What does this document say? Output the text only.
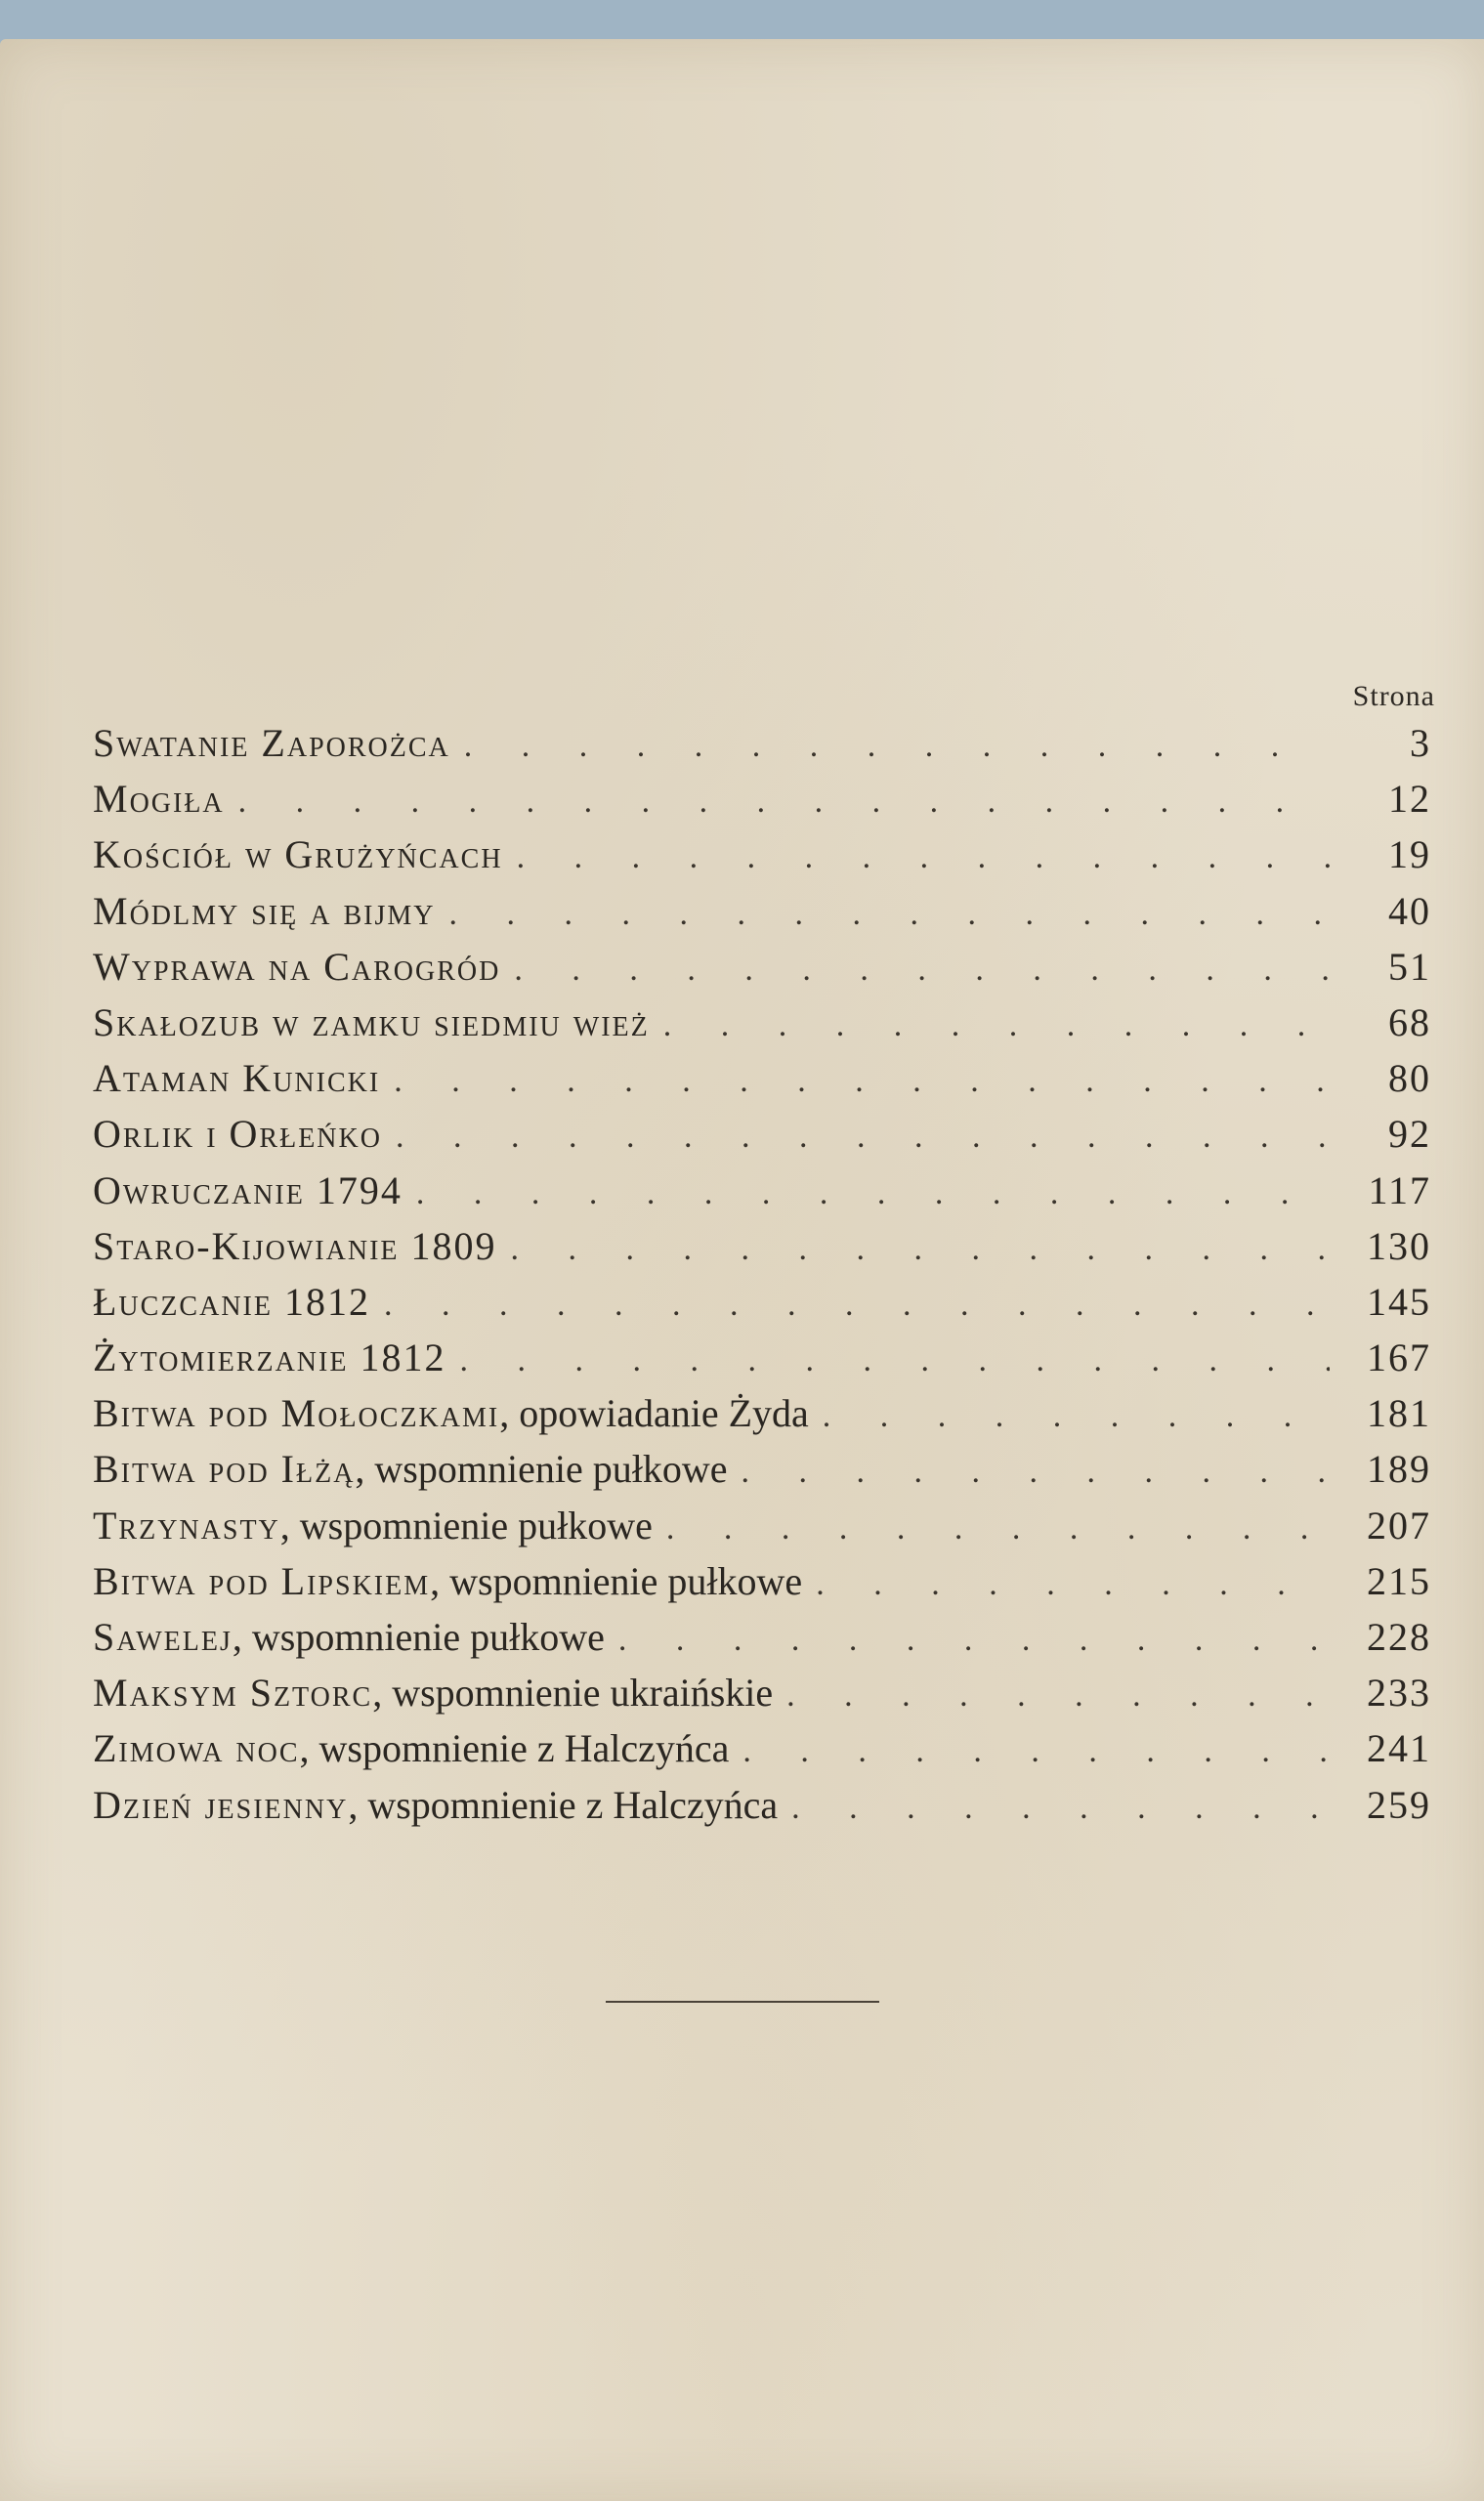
Strona
Swatanie Zaporożca . . .	3
Mogiła . . .	12
Kościół w Grużyńcach . . .	19
Módlmy się a bijmy . . .	40
Wyprawa na Carogród . . .	51
Skałozub w zamku siedmiu wież . . .	68
Ataman Kunicki . . .	80
Orlik i Orłeńko . . .	92
Owruczanie 1794 . . .	117
Staro-Kijowianie 1809 . . .	130
Łuczcanie 1812 . . .	145
Żytomierzanie 1812 . . .	167
Bitwa pod Mołoczkami, opowiadanie Żyda . . .	181
Bitwa pod Iłżą, wspomnienie pułkowe . . .	189
Trzynasty, wspomnienie pułkowe . . .	207
Bitwa pod Lipskiem, wspomnienie pułkowe . . .	215
Sawelej, wspomnienie pułkowe . . .	228
Maksym Sztorc, wspomnienie ukraińskie . . .	233
Zimowa noc, wspomnienie z Halczyńca . . .	241
Dzień jesienny, wspomnienie z Halczyńca . . .	259
